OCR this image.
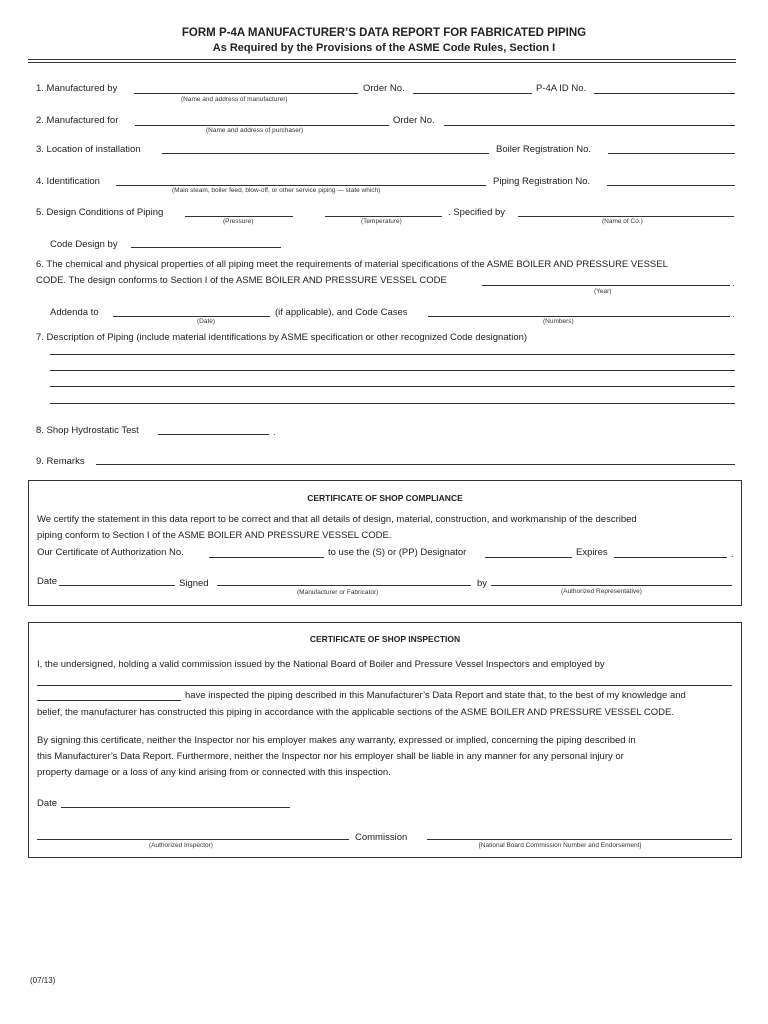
FORM P-4A MANUFACTURER’S DATA REPORT FOR FABRICATED PIPING
As Required by the Provisions of the ASME Code Rules, Section I
1. Manufactured by
(Name and address of manufacturer)
Order No.	P-4A ID No.
2. Manufactured for
(Name and address of purchaser)
Order No.
3. Location of installation	Boiler Registration No.
4. Identification
(Main steam, boiler feed, blow-off, or other service piping — state which)
Piping Registration No.
5. Design Conditions of Piping
(Pressure)	(Temperature)
. Specified by
(Name of Co.)
Code Design by
6. The chemical and physical properties of all piping meet the requirements of material specifications of the ASME BOILER AND PRESSURE VESSEL
CODE. The design conforms to Section I of the ASME BOILER AND PRESSURE VESSEL CODE	.
(Year)
Addenda to
(Date)
(if applicable), and Code Cases	.
(Numbers)
7. Description of Piping (include material identifications by ASME specification or other recognized Code designation)
8. Shop Hydrostatic Test	.
9. Remarks
CERTIFICATE OF SHOP COMPLIANCE
We certify the statement in this data report to be correct and that all details of design, material, construction, and workmanship of the described
piping conform to Section I of the ASME BOILER AND PRESSURE VESSEL CODE.
Our Certificate of Authorization No.	to use the (S) or (PP) Designator	Expires	.
Date	Signed
(Manufacturer or Fabricator)
by
(Authorized Representative)
CERTIFICATE OF SHOP INSPECTION
I, the undersigned, holding a valid commission issued by the National Board of Boiler and Pressure Vessel Inspectors and employed by
have inspected the piping described in this Manufacturer’s Data Report and state that, to the best of my knowledge and
belief, the manufacturer has constructed this piping in accordance with the applicable sections of the ASME BOILER AND PRESSURE VESSEL CODE.
By signing this certificate, neither the Inspector nor his employer makes any warranty, expressed or implied, concerning the piping described in
this Manufacturer’s Data Report. Furthermore, neither the Inspector nor his employer shall be liable in any manner for any personal injury or
property damage or a loss of any kind arising from or connected with this inspection.
Date
(Authorized Inspector)
Commission
[National Board Commission Number and Endorsement]
(07/13)
